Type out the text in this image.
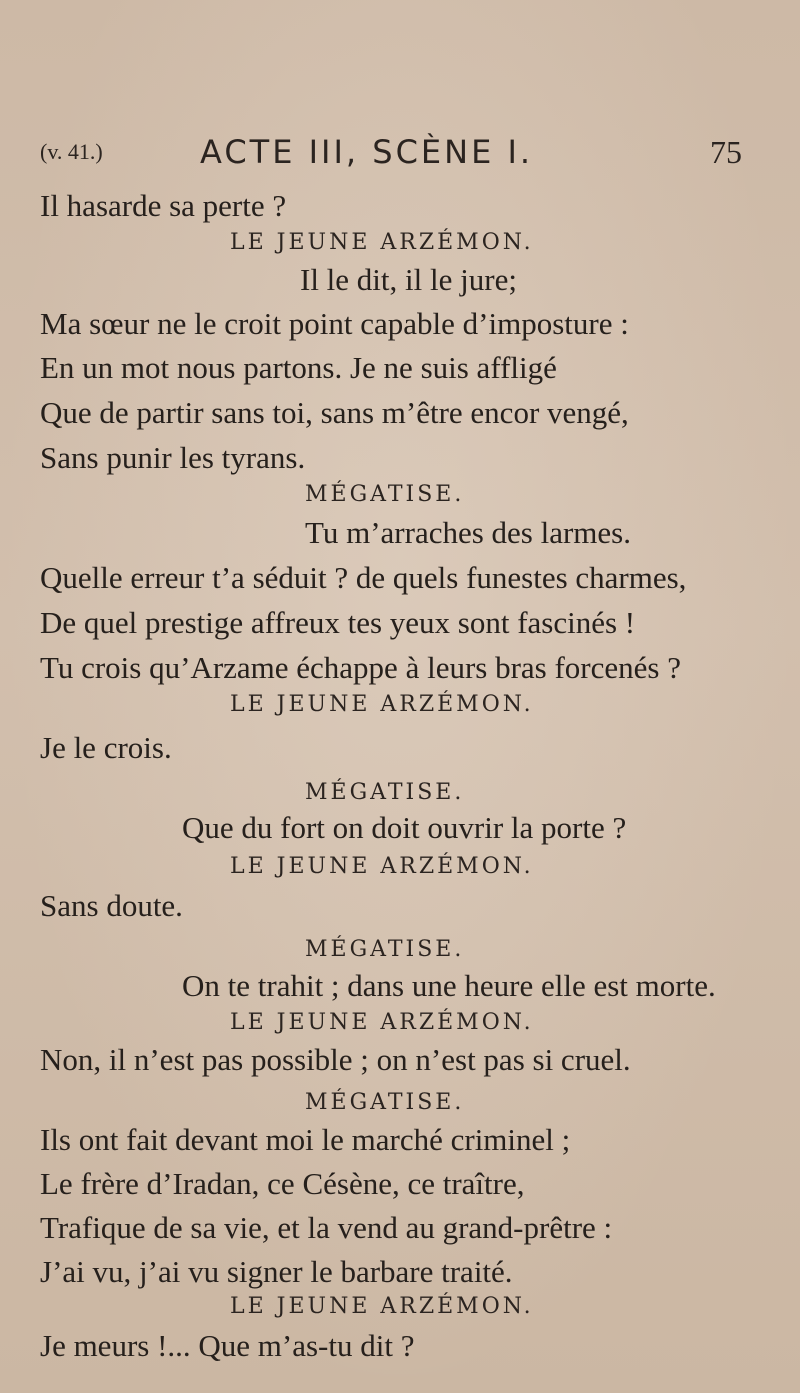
(v. 41.)	ACTE III, SCÈNE I.	75
Il hasarde sa perte ?
LE JEUNE ARZÉMON.
Il le dit, il le jure;
Ma sœur ne le croit point capable d’imposture :
En un mot nous partons. Je ne suis affligé
Que de partir sans toi, sans m’être encor vengé,
Sans punir les tyrans.
MÉGATISE.
Tu m’arraches des larmes.
Quelle erreur t’a séduit ? de quels funestes charmes,
De quel prestige affreux tes yeux sont fascinés !
Tu crois qu’Arzame échappe à leurs bras forcenés ?
LE JEUNE ARZÉMON.
Je le crois.
MÉGATISE.
Que du fort on doit ouvrir la porte ?
LE JEUNE ARZÉMON.
Sans doute.
MÉGATISE.
On te trahit ; dans une heure elle est morte.
LE JEUNE ARZÉMON.
Non, il n’est pas possible ; on n’est pas si cruel.
MÉGATISE.
Ils ont fait devant moi le marché criminel ;
Le frère d’Iradan, ce Césène, ce traître,
Trafique de sa vie, et la vend au grand-prêtre :
J’ai vu, j’ai vu signer le barbare traité.
LE JEUNE ARZÉMON.
Je meurs !... Que m’as-tu dit ?
